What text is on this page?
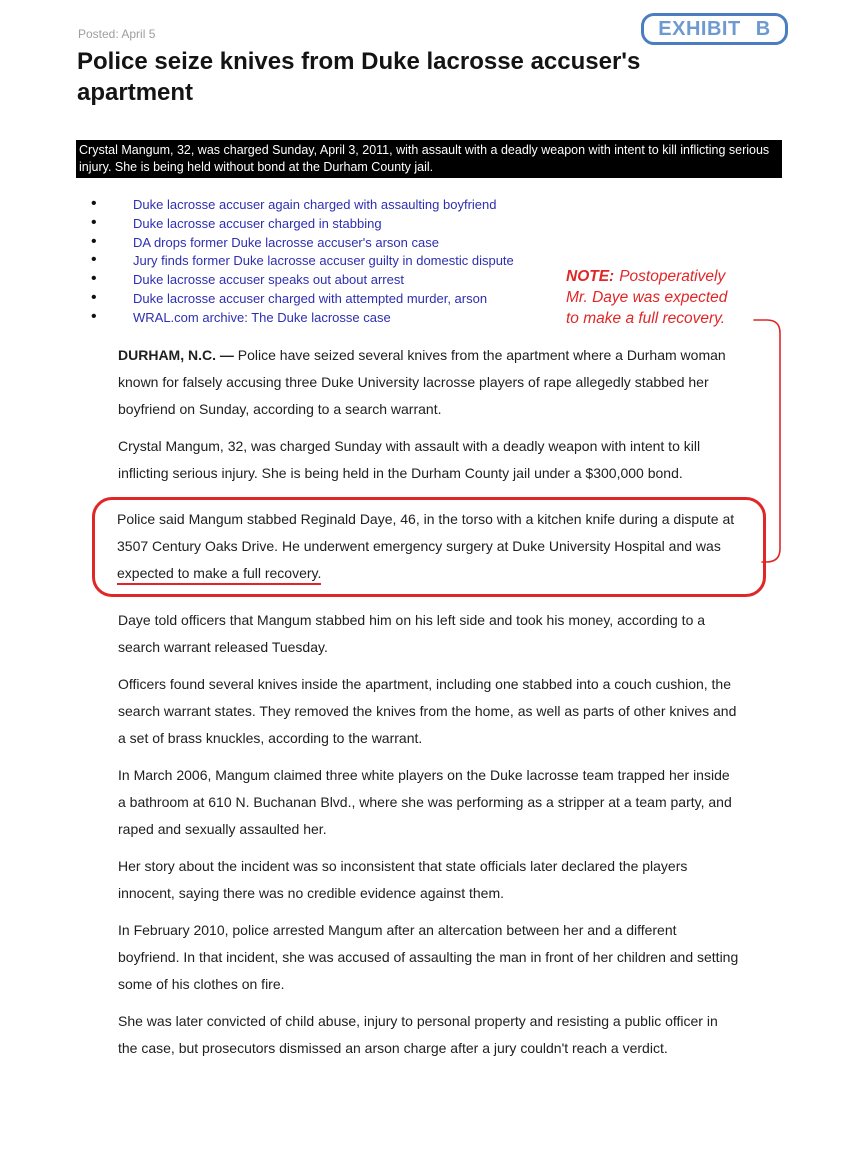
Posted: April 5	EXHIBIT B
Police seize knives from Duke lacrosse accuser's apartment
Crystal Mangum, 32, was charged Sunday, April 3, 2011, with assault with a deadly weapon with intent to kill inflicting serious injury. She is being held without bond at the Durham County jail.
• Duke lacrosse accuser again charged with assaulting boyfriend
• Duke lacrosse accuser charged in stabbing
• DA drops former Duke lacrosse accuser's arson case
• Jury finds former Duke lacrosse accuser guilty in domestic dispute
• Duke lacrosse accuser speaks out about arrest
• Duke lacrosse accuser charged with attempted murder, arson
• WRAL.com archive: The Duke lacrosse case
NOTE: Postoperatively
Mr. Daye was expected
to make a full recovery.

DURHAM, N.C. — Police have seized several knives from the apartment where a Durham woman known for falsely accusing three Duke University lacrosse players of rape allegedly stabbed her boyfriend on Sunday, according to a search warrant.

Crystal Mangum, 32, was charged Sunday with assault with a deadly weapon with intent to kill inflicting serious injury. She is being held in the Durham County jail under a $300,000 bond.

Police said Mangum stabbed Reginald Daye, 46, in the torso with a kitchen knife during a dispute at 3507 Century Oaks Drive. He underwent emergency surgery at Duke University Hospital and was expected to make a full recovery.

Daye told officers that Mangum stabbed him on his left side and took his money, according to a search warrant released Tuesday.

Officers found several knives inside the apartment, including one stabbed into a couch cushion, the search warrant states. They removed the knives from the home, as well as parts of other knives and a set of brass knuckles, according to the warrant.

In March 2006, Mangum claimed three white players on the Duke lacrosse team trapped her inside a bathroom at 610 N. Buchanan Blvd., where she was performing as a stripper at a team party, and raped and sexually assaulted her.

Her story about the incident was so inconsistent that state officials later declared the players innocent, saying there was no credible evidence against them.

In February 2010, police arrested Mangum after an altercation between her and a different boyfriend. In that incident, she was accused of assaulting the man in front of her children and setting some of his clothes on fire.

She was later convicted of child abuse, injury to personal property and resisting a public officer in the case, but prosecutors dismissed an arson charge after a jury couldn't reach a verdict.
